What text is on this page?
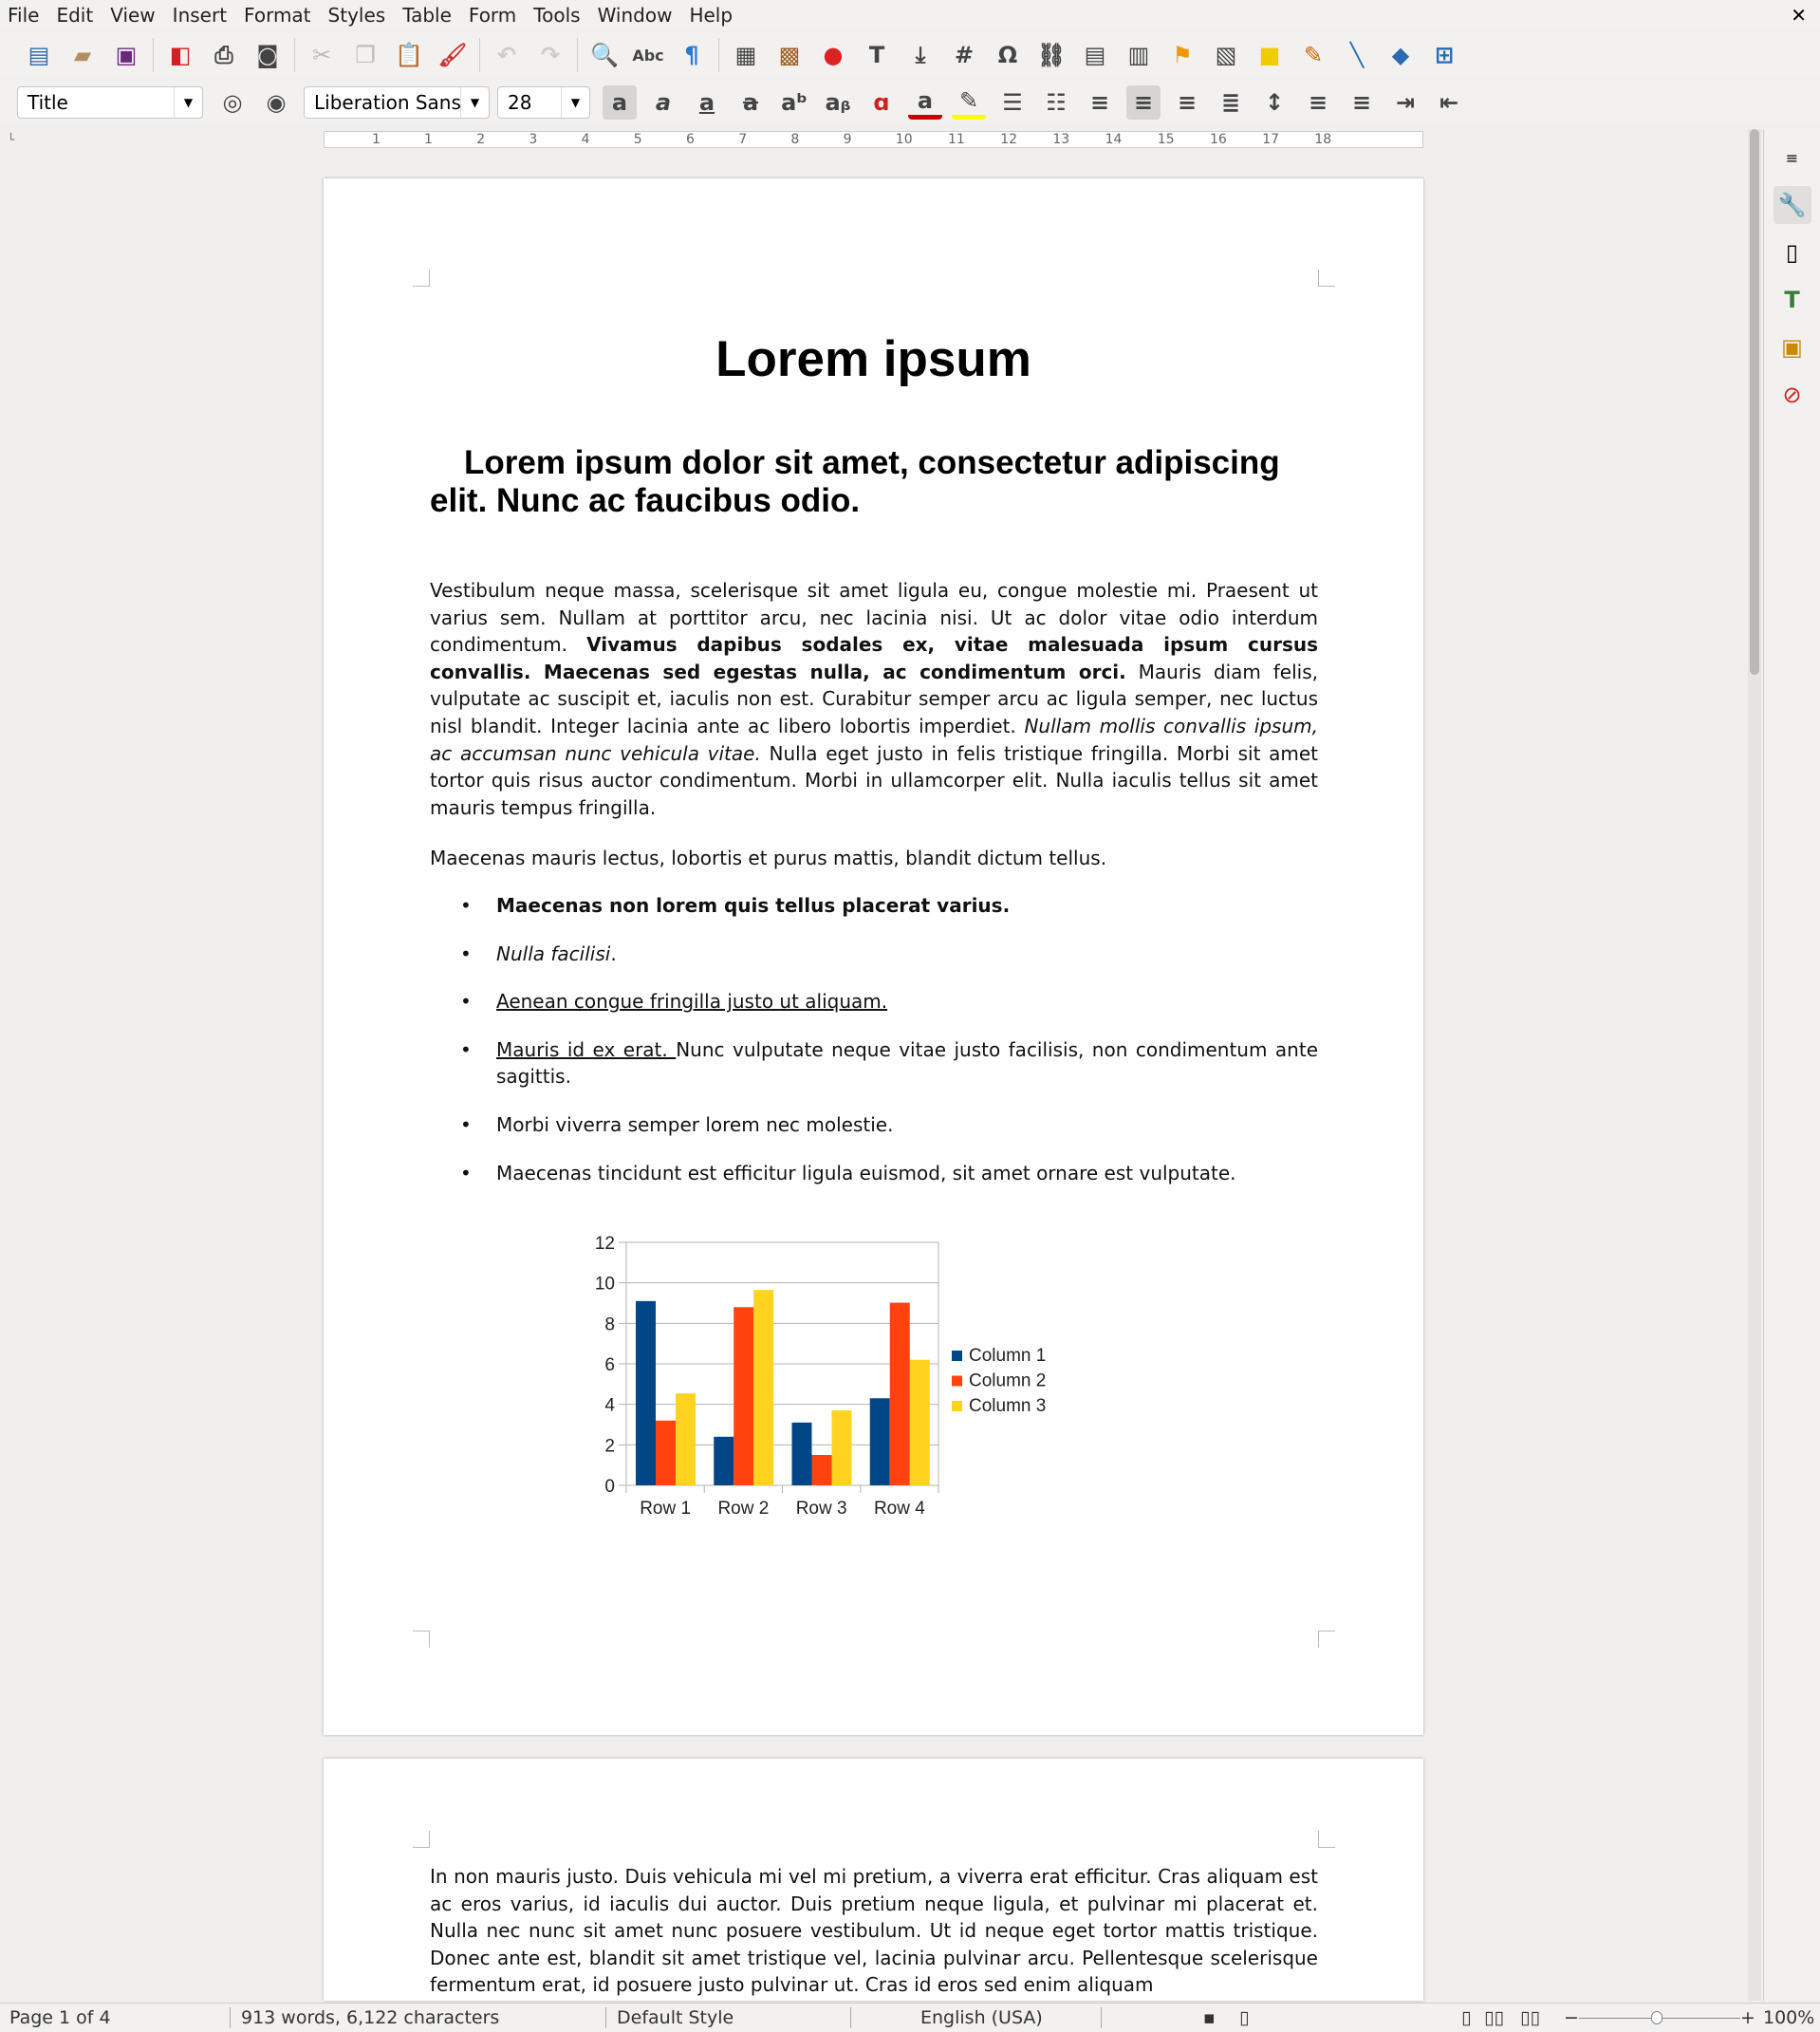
File Edit View Insert Format Styles Table Form Tools Window Help	✕
▤	▰	▣ ◧	⎙	◙	✂	❐ 📋 🖌	↶	↷	🔍 Abc ¶	▦ ▩	●	T	⤓	#	Ω ⛓ ▤ ▥ ⚑ ▧ ■	✎	╲	◆	⊞
Title	▼	◎	◉	Liberation Sans ▼	28	▼	a	a	a	a	aᵇ aᵦ ɑ	a	✎	☰	☷	≡	≡	≡	≣	↕	≡	≡	⇥	⇤
└	1	1	2	3	4	5	6	7	8	9	10	11	12	13	14	15	16	17	18
Lorem ipsum
Lorem ipsum dolor sit amet, consectetur adipiscing elit. Nunc ac faucibus odio.

Vestibulum neque massa, scelerisque sit amet ligula eu, congue molestie mi. Praesent ut varius sem. Nullam at porttitor arcu, nec lacinia nisi. Ut ac dolor vitae odio interdum condimentum. Vivamus dapibus sodales ex, vitae malesuada ipsum cursus convallis. Maecenas sed egestas nulla, ac condimentum orci. Mauris diam felis, vulputate ac suscipit et, iaculis non est. Curabitur semper arcu ac ligula semper, nec luctus nisl blandit. Integer lacinia ante ac libero lobortis imperdiet. Nullam mollis convallis ipsum, ac accumsan nunc vehicula vitae. Nulla eget justo in felis tristique fringilla. Morbi sit amet tortor quis risus auctor condimentum. Morbi in ullamcorper elit. Nulla iaculis tellus sit amet mauris tempus fringilla.

Maecenas mauris lectus, lobortis et purus mattis, blandit dictum tellus.

• Maecenas non lorem quis tellus placerat varius.
• Nulla facilisi.
• Aenean congue fringilla justo ut aliquam.
• Mauris id ex erat. Nunc vulputate neque vitae justo facilisis, non condimentum ante sagittis.
• Morbi viverra semper lorem nec molestie.
• Maecenas tincidunt est efficitur ligula euismod, sit amet ornare est vulputate.
0
2
4
6
8
10
12
Row 1 Row 2 Row 3 Row 4
Column 1
Column 2
Column 3

In non mauris justo. Duis vehicula mi vel mi pretium, a viverra erat efficitur. Cras aliquam est ac eros varius, id iaculis dui auctor. Duis pretium neque ligula, et pulvinar mi placerat et. Nulla nec nunc sit amet nunc posuere vestibulum. Ut id neque eget tortor mattis tristique. Donec ante est, blandit sit amet tristique vel, lacinia pulvinar arcu. Pellentesque scelerisque fermentum erat, id posuere justo pulvinar ut. Cras id eros sed enim aliquam

≡
🔧
▯
T
▣
⊘
Page 1 of 4	913 words, 6,122 characters	Default Style	English (USA)	▪ ▯	▯ ▯▯ ▯▯ −	+ 100%
